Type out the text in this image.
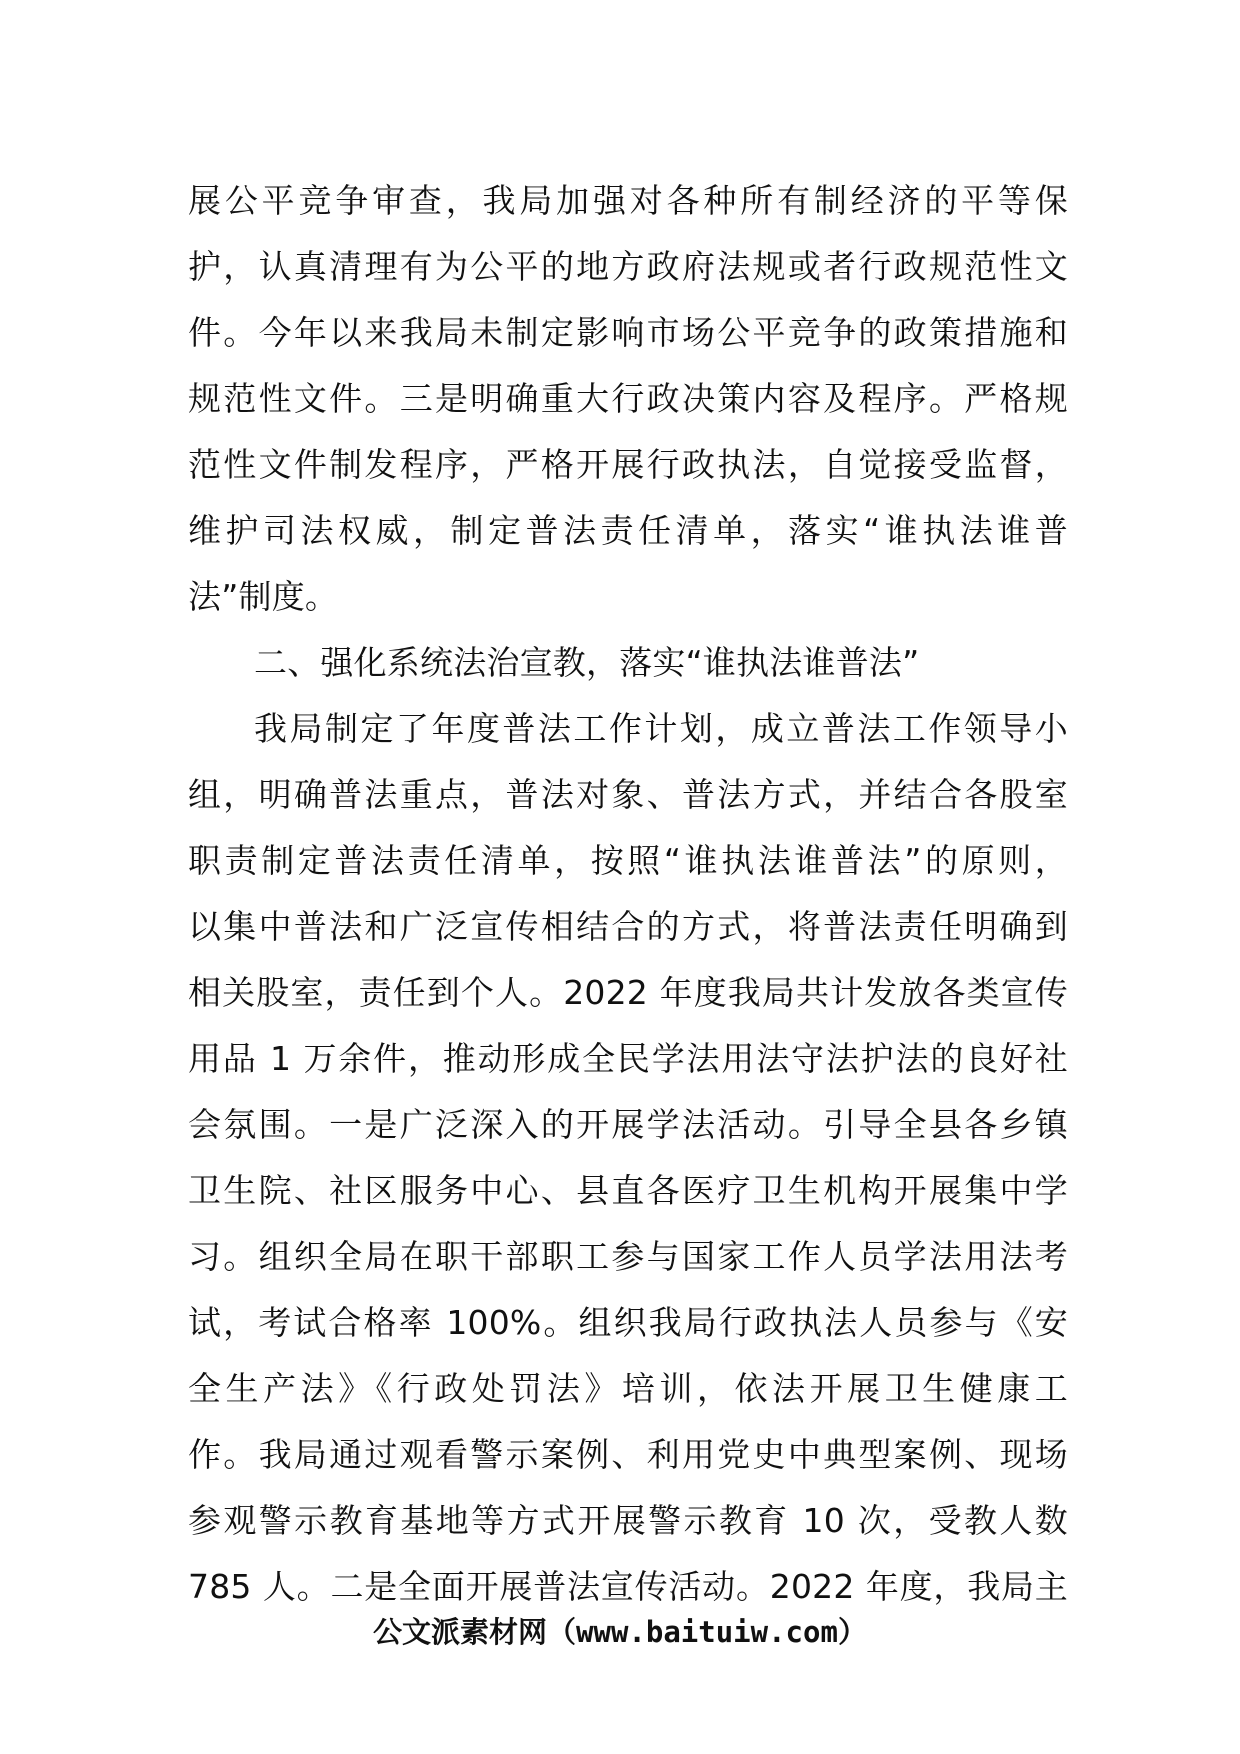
展公平竞争审查，我局加强对各种所有制经济的平等保
护，认真清理有为公平的地方政府法规或者行政规范性文
件。今年以来我局未制定影响市场公平竞争的政策措施和
规范性文件。三是明确重大行政决策内容及程序。严格规
范性文件制发程序，严格开展行政执法，自觉接受监督，
维护司法权威，制定普法责任清单，落实“谁执法谁普
法”制度。
二、强化系统法治宣教，落实“谁执法谁普法”
我局制定了年度普法工作计划，成立普法工作领导小
组，明确普法重点，普法对象、普法方式，并结合各股室
职责制定普法责任清单，按照“谁执法谁普法”的原则，
以集中普法和广泛宣传相结合的方式，将普法责任明确到
相关股室，责任到个人。2022 年度我局共计发放各类宣传
用品 1 万余件，推动形成全民学法用法守法护法的良好社
会氛围。一是广泛深入的开展学法活动。引导全县各乡镇
卫生院、社区服务中心、县直各医疗卫生机构开展集中学
习。组织全局在职干部职工参与国家工作人员学法用法考
试，考试合格率 100%。组织我局行政执法人员参与《安
全生产法》《行政处罚法》培训，依法开展卫生健康工
作。我局通过观看警示案例、利用党史中典型案例、现场
参观警示教育基地等方式开展警示教育 10 次，受教人数
785 人。二是全面开展普法宣传活动。2022 年度，我局主
公文派素材网（www.baituiw.com）
